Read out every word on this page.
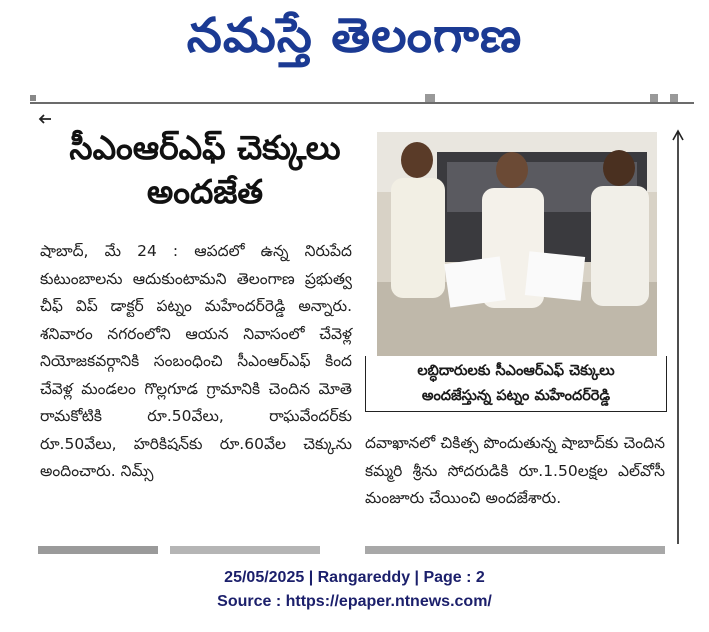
నమస్తే తెలంగాణ
సీఎంఆర్ఎఫ్ చెక్కులు
అందజేత
షాబాద్, మే 24 : ఆపదలో ఉన్న నిరుపేద కుటుంబాలను ఆదుకుంటామని తెలంగాణ ప్రభుత్వ చీఫ్ విప్ డాక్టర్ పట్నం మహేందర్‌రెడ్డి అన్నారు. శనివారం నగరంలోని ఆయన నివాసంలో చేవెళ్ల నియోజకవర్గానికి సంబంధించి సీఎంఆర్ఎఫ్ కింద చేవెళ్ల మండలం గొల్లగూడ గ్రామానికి చెందిన మోతె రామకోటికి రూ.50వేలు, రాఘవేందర్‌కు రూ.50వేలు, హరికిషన్‌కు రూ.60వేల చెక్కును అందించారు. నిమ్స్
లబ్ధిదారులకు సీఎంఆర్ఎఫ్ చెక్కులు
అందజేస్తున్న పట్నం మహేందర్‌రెడ్డి
దవాఖానలో చికిత్స పొందుతున్న షాబాద్‌కు చెందిన కమ్మరి శ్రీను సోదరుడికి రూ.1.50లక్షల ఎల్‌వోసీ మంజూరు చేయించి అందజేశారు.
25/05/2025 | Rangareddy | Page : 2
Source : https://epaper.ntnews.com/
